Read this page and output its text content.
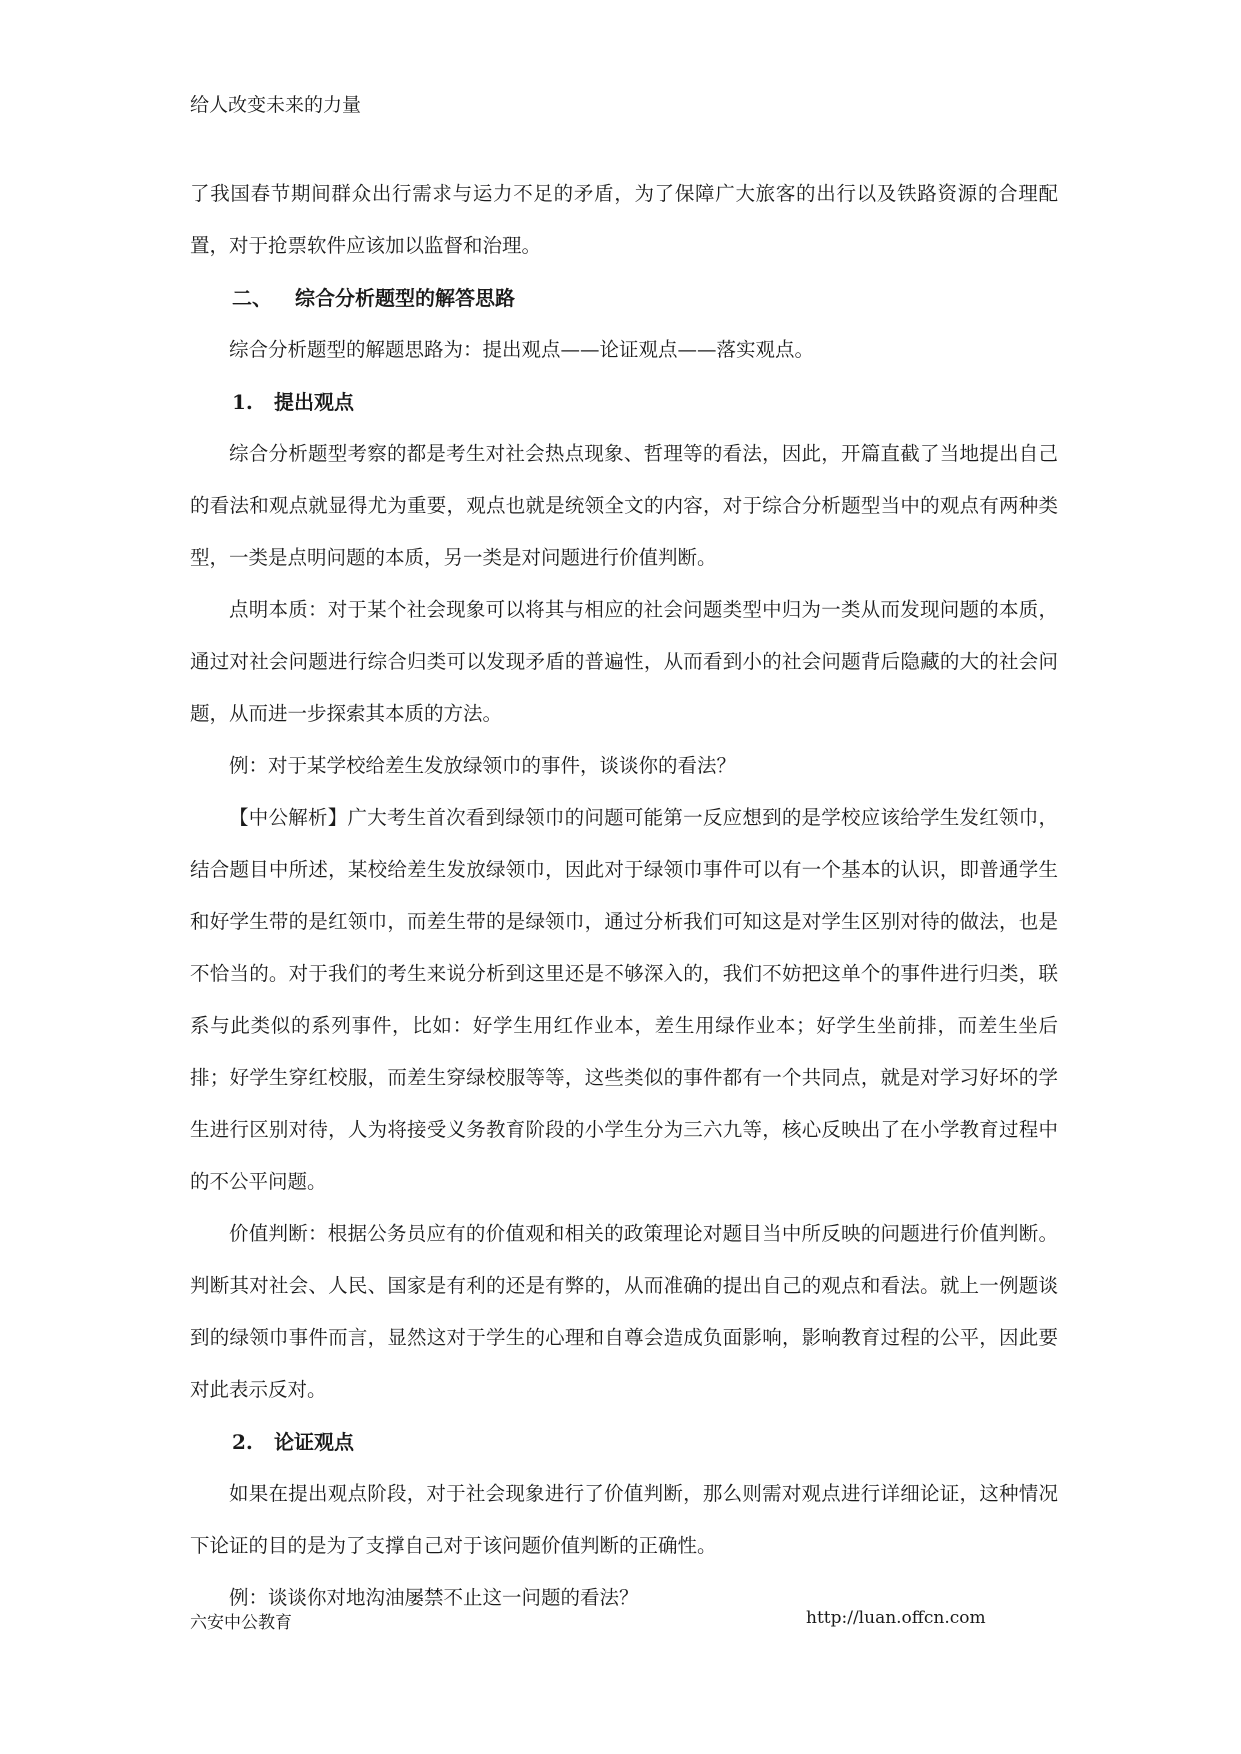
给人改变未来的力量

了我国春节期间群众出行需求与运力不足的矛盾，为了保障广大旅客的出行以及铁路资源的合理配置，对于抢票软件应该加以监督和治理。

二、 综合分析题型的解答思路

综合分析题型的解题思路为：提出观点——论证观点——落实观点。

1. 提出观点

综合分析题型考察的都是考生对社会热点现象、哲理等的看法，因此，开篇直截了当地提出自己的看法和观点就显得尤为重要，观点也就是统领全文的内容，对于综合分析题型当中的观点有两种类型，一类是点明问题的本质，另一类是对问题进行价值判断。

点明本质：对于某个社会现象可以将其与相应的社会问题类型中归为一类从而发现问题的本质，通过对社会问题进行综合归类可以发现矛盾的普遍性，从而看到小的社会问题背后隐藏的大的社会问题，从而进一步探索其本质的方法。

例：对于某学校给差生发放绿领巾的事件，谈谈你的看法？

【中公解析】广大考生首次看到绿领巾的问题可能第一反应想到的是学校应该给学生发红领巾，结合题目中所述，某校给差生发放绿领巾，因此对于绿领巾事件可以有一个基本的认识，即普通学生和好学生带的是红领巾，而差生带的是绿领巾，通过分析我们可知这是对学生区别对待的做法，也是不恰当的。对于我们的考生来说分析到这里还是不够深入的，我们不妨把这单个的事件进行归类，联系与此类似的系列事件，比如：好学生用红作业本，差生用绿作业本；好学生坐前排，而差生坐后排；好学生穿红校服，而差生穿绿校服等等，这些类似的事件都有一个共同点，就是对学习好坏的学生进行区别对待，人为将接受义务教育阶段的小学生分为三六九等，核心反映出了在小学教育过程中的不公平问题。

价值判断：根据公务员应有的价值观和相关的政策理论对题目当中所反映的问题进行价值判断。判断其对社会、人民、国家是有利的还是有弊的，从而准确的提出自己的观点和看法。就上一例题谈到的绿领巾事件而言，显然这对于学生的心理和自尊会造成负面影响，影响教育过程的公平，因此要对此表示反对。

2. 论证观点

如果在提出观点阶段，对于社会现象进行了价值判断，那么则需对观点进行详细论证，这种情况下论证的目的是为了支撑自己对于该问题价值判断的正确性。

例：谈谈你对地沟油屡禁不止这一问题的看法？

六安中公教育	http://luan.offcn.com
